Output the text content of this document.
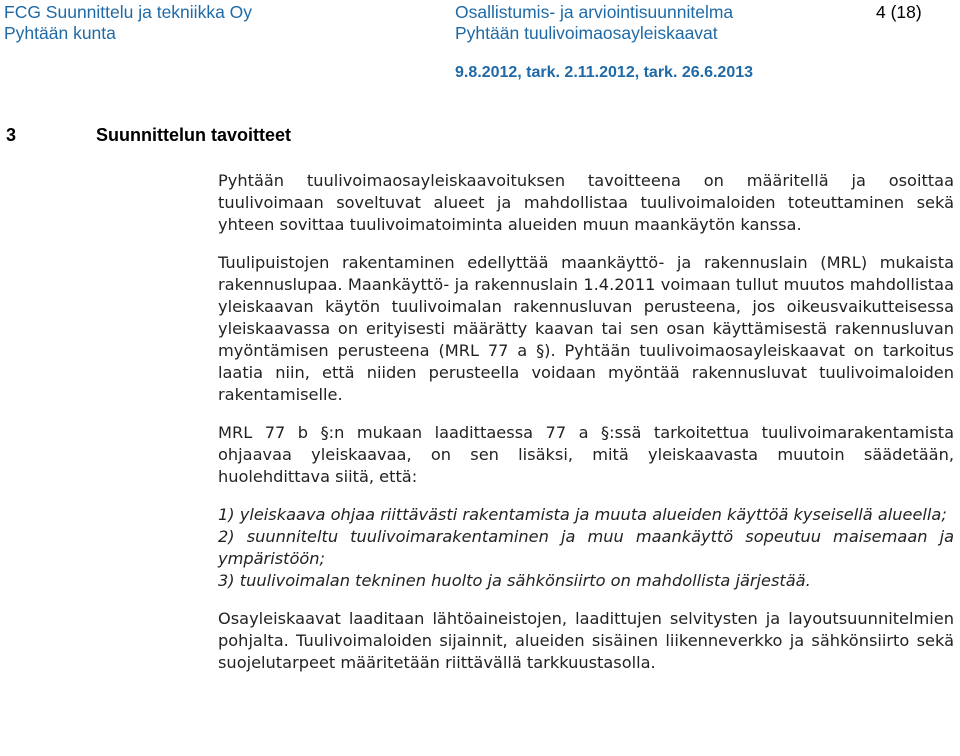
FCG Suunnittelu ja tekniikka Oy
Pyhtään kunta
Osallistumis- ja arviointisuunnitelma
Pyhtään tuulivoimaosayleiskaavat
4 (18)
9.8.2012, tark. 2.11.2012, tark. 26.6.2013
3	Suunnittelun tavoitteet

Pyhtään tuulivoimaosayleiskaavoituksen tavoitteena on määritellä ja osoittaa tuulivoimaan soveltuvat alueet ja mahdollistaa tuulivoimaloiden toteuttaminen sekä yhteen sovittaa tuulivoimatoiminta alueiden muun maankäytön kanssa.

Tuulipuistojen rakentaminen edellyttää maankäyttö- ja rakennuslain (MRL) mukaista rakennuslupaa. Maankäyttö- ja rakennuslain 1.4.2011 voimaan tullut muutos mahdollistaa yleiskaavan käytön tuulivoimalan rakennusluvan perusteena, jos oikeusvaikutteisessa yleiskaavassa on erityisesti määrätty kaavan tai sen osan käyttämisestä rakennusluvan myöntämisen perusteena (MRL 77 a §). Pyhtään tuulivoimaosayleiskaavat on tarkoitus laatia niin, että niiden perusteella voidaan myöntää rakennusluvat tuulivoimaloiden rakentamiselle.

MRL 77 b §:n mukaan laadittaessa 77 a §:ssä tarkoitettua tuulivoimarakentamista ohjaavaa yleiskaavaa, on sen lisäksi, mitä yleiskaavasta muutoin säädetään, huolehdittava siitä, että:

1) yleiskaava ohjaa riittävästi rakentamista ja muuta alueiden käyttöä kyseisellä alueella;

2) suunniteltu tuulivoimarakentaminen ja muu maankäyttö sopeutuu maisemaan ja ympäristöön;

3) tuulivoimalan tekninen huolto ja sähkönsiirto on mahdollista järjestää.

Osayleiskaavat laaditaan lähtöaineistojen, laadittujen selvitysten ja layoutsuunnitelmien pohjalta. Tuulivoimaloiden sijainnit, alueiden sisäinen liikenneverkko ja sähkönsiirto sekä suojelutarpeet määritetään riittävällä tarkkuustasolla.
